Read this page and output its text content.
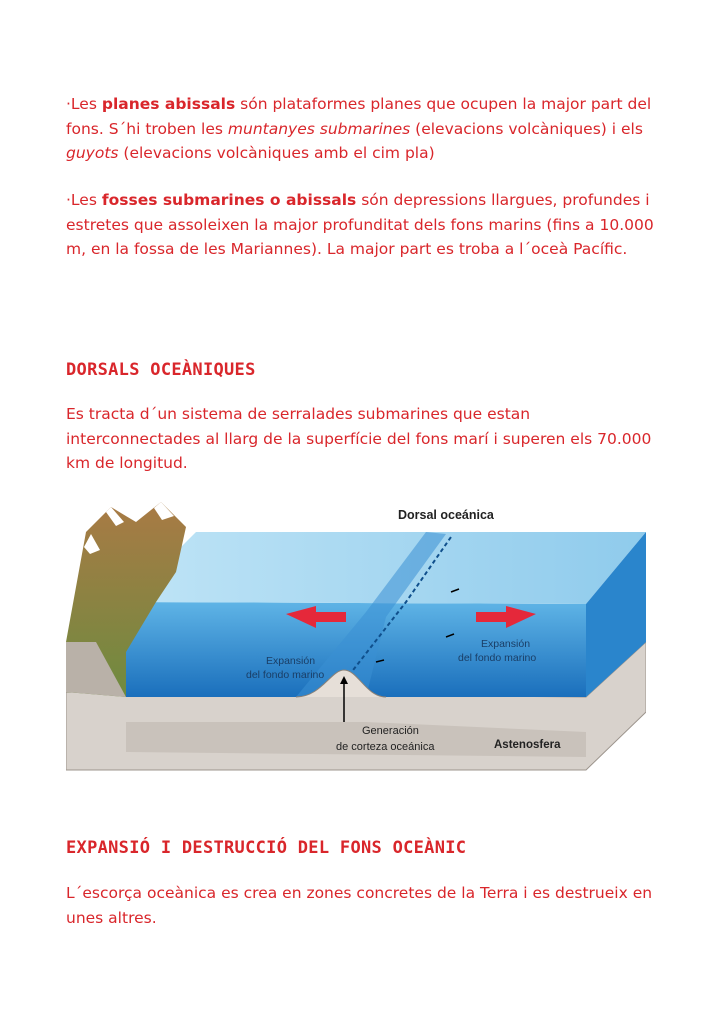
·Les planes abissals són plataformes planes que ocupen la major part del fons. S´hi troben les muntanyes submarines (elevacions volcàniques) i els guyots (elevacions volcàniques amb el cim pla)

·Les fosses submarines o abissals són depressions llargues, profundes i estretes que assoleixen la major profunditat dels fons marins (fins a 10.000 m, en la fossa de les Mariannes). La major part es troba a l´oceà Pacífic.

DORSALS OCEÀNIQUES

Es tracta d´un sistema de serralades submarines que estan interconnectades al llarg de la superfície del fons marí i superen els 70.000 km de longitud.

Dorsal oceánica
Expansión
del fondo marino
Expansión
del fondo marino
Generación
de corteza oceánica	Astenosfera
EXPANSIÓ I DESTRUCCIÓ DEL FONS OCEÀNIC

L´escorça oceànica es crea en zones concretes de la Terra i es destrueix en unes altres.
